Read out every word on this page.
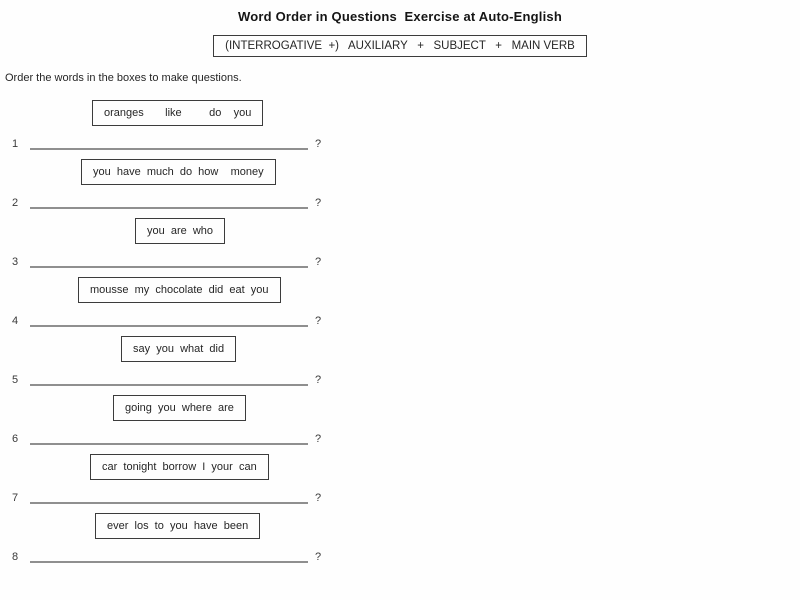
Word Order in Questions  Exercise at Auto-English
(INTERROGATIVE  +)   AUXILIARY   +   SUBJECT   +   MAIN VERB
Order the words in the boxes to make questions.
oranges       like         do    you
1	?
you  have  much  do  how    money
2	?
you  are  who
3	?
mousse  my  chocolate  did  eat  you
4	?
say  you  what  did
5	?
going  you  where  are
6	?
car  tonight  borrow  I  your  can
7	?
ever  los  to  you  have  been
8	?
